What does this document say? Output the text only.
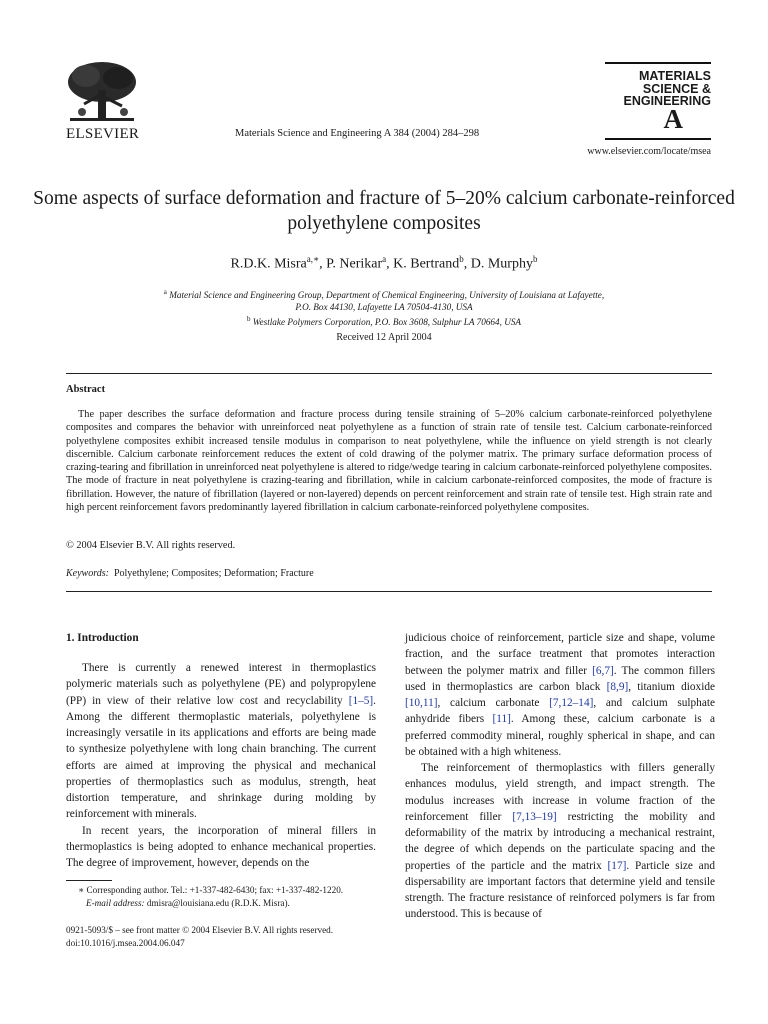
ELSEVIER	Materials Science and Engineering A 384 (2004) 284–298
MATERIALS
SCIENCE &
ENGINEERING
A
www.elsevier.com/locate/msea
Some aspects of surface deformation and fracture of 5–20% calcium carbonate-reinforced polyethylene composites
R.D.K. Misra$^{a,∗}$, P. Nerikar$^a$, K. Bertrand$^b$, D. Murphy$^b$
$^a$ Material Science and Engineering Group, Department of Chemical Engineering, University of Louisiana at Lafayette,
P.O. Box 44130, Lafayette LA 70504-4130, USA
$^b$ Westlake Polymers Corporation, P.O. Box 3608, Sulphur LA 70664, USA
Received 12 April 2004
Abstract
The paper describes the surface deformation and fracture process during tensile straining of 5–20% calcium carbonate-reinforced polyethylene composites and compares the behavior with unreinforced neat polyethylene as a function of strain rate of tensile test. Calcium carbonate-reinforced polyethylene composites exhibit increased tensile modulus in comparison to neat polyethylene, while the influence on yield strength is not clearly discernible. Calcium carbonate reinforcement reduces the extent of cold drawing of the polymer matrix. The primary surface deformation process of crazing-tearing and fibrillation in unreinforced neat polyethylene is altered to ridge/wedge tearing in calcium carbonate-reinforced polyethylene composites. The mode of fracture in neat polyethylene is crazing-tearing and fibrillation, while in calcium carbonate-reinforced composites, the mode of fracture is fibrillation. However, the nature of fibrillation (layered or non-layered) depends on percent reinforcement and strain rate of tensile test. High strain rate and high percent reinforcement favors predominantly layered fibrillation in calcium carbonate-reinforced polyethylene composites.
© 2004 Elsevier B.V. All rights reserved.
Keywords: Polyethylene; Composites; Deformation; Fracture
1. Introduction

There is currently a renewed interest in thermoplastics polymeric materials such as polyethylene (PE) and polypropylene (PP) in view of their relative low cost and recyclability [1–5]. Among the different thermoplastic materials, polyethylene is increasingly versatile in its applications and efforts are being made to synthesize polyethylene with long chain branching. The current efforts are aimed at improving the physical and mechanical properties of thermoplastics such as modulus, strength, heat distortion temperature, and shrinkage during molding by reinforcement with minerals.

In recent years, the incorporation of mineral fillers in thermoplastics is being adopted to enhance mechanical properties. The degree of improvement, however, depends on the

judicious choice of reinforcement, particle size and shape, volume fraction, and the surface treatment that promotes interaction between the polymer matrix and filler [6,7]. The common fillers used in thermoplastics are carbon black [8,9], titanium dioxide [10,11], calcium carbonate [7,12–14], and calcium sulphate anhydride fibers [11]. Among these, calcium carbonate is a preferred commodity mineral, roughly spherical in shape, and can be obtained with a high whiteness.

The reinforcement of thermoplastics with fillers generally enhances modulus, yield strength, and impact strength. The modulus increases with increase in volume fraction of the reinforcement filler [7,13–19] restricting the mobility and deformability of the matrix by introducing a mechanical restraint, the degree of which depends on the particulate spacing and the properties of the particle and the matrix [17]. Particle size and dispersability are important factors that determine yield and tensile strength. The fracture resistance of reinforced polymers is far from understood. This is because of

∗ Corresponding author. Tel.: +1-337-482-6430; fax: +1-337-482-1220.
E-mail address: dmisra@louisiana.edu (R.D.K. Misra).
0921-5093/$ – see front matter © 2004 Elsevier B.V. All rights reserved.
doi:10.1016/j.msea.2004.06.047
